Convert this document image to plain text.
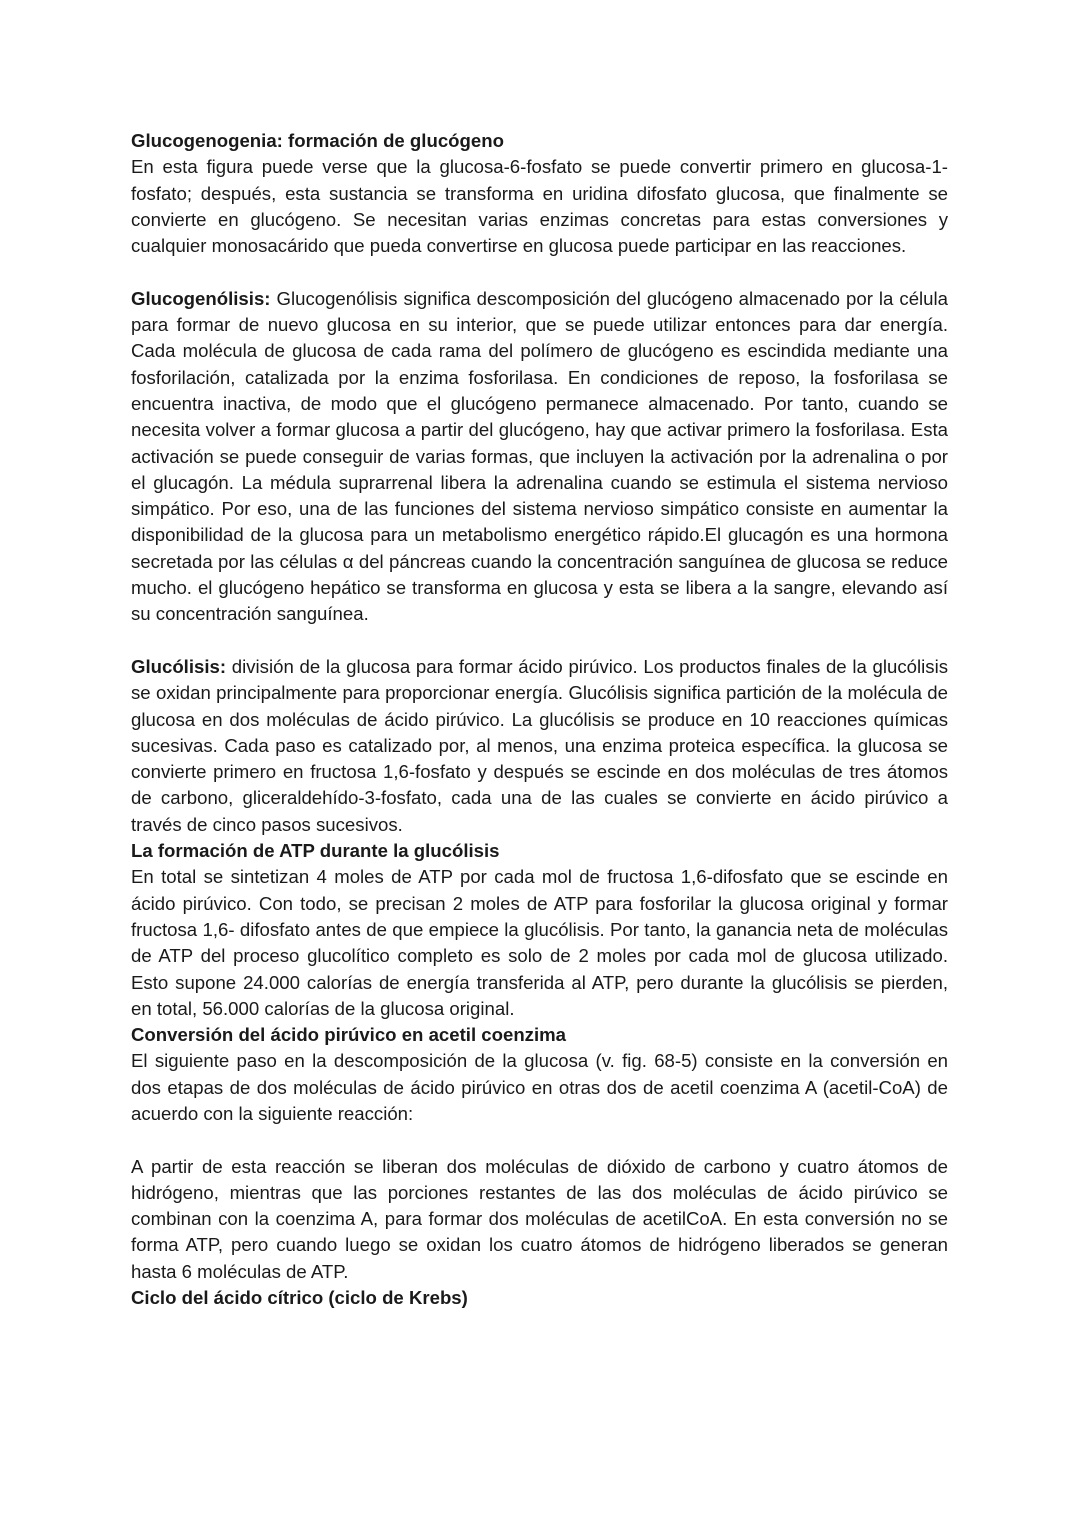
Glucogenogenia: formación de glucógeno

En esta figura puede verse que la glucosa-6-fosfato se puede convertir primero en glucosa-1-fosfato; después, esta sustancia se transforma en uridina difosfato glucosa, que finalmente se convierte en glucógeno. Se necesitan varias enzimas concretas para estas conversiones y cualquier monosacárido que pueda convertirse en glucosa puede participar en las reacciones.

Glucogenólisis: Glucogenólisis significa descomposición del glucógeno almacenado por la célula para formar de nuevo glucosa en su interior, que se puede utilizar entonces para dar energía. Cada molécula de glucosa de cada rama del polímero de glucógeno es escindida mediante una fosforilación, catalizada por la enzima fosforilasa. En condiciones de reposo, la fosforilasa se encuentra inactiva, de modo que el glucógeno permanece almacenado. Por tanto, cuando se necesita volver a formar glucosa a partir del glucógeno, hay que activar primero la fosforilasa. Esta activación se puede conseguir de varias formas, que incluyen la activación por la adrenalina o por el glucagón. La médula suprarrenal libera la adrenalina cuando se estimula el sistema nervioso simpático. Por eso, una de las funciones del sistema nervioso simpático consiste en aumentar la disponibilidad de la glucosa para un metabolismo energético rápido.El glucagón es una hormona secretada por las células α del páncreas cuando la concentración sanguínea de glucosa se reduce mucho. el glucógeno hepático se transforma en glucosa y esta se libera a la sangre, elevando así su concentración sanguínea.

Glucólisis: división de la glucosa para formar ácido pirúvico. Los productos finales de la glucólisis se oxidan principalmente para proporcionar energía. Glucólisis significa partición de la molécula de glucosa en dos moléculas de ácido pirúvico. La glucólisis se produce en 10 reacciones químicas sucesivas. Cada paso es catalizado por, al menos, una enzima proteica específica. la glucosa se convierte primero en fructosa 1,6-fosfato y después se escinde en dos moléculas de tres átomos de carbono, gliceraldehído-3-fosfato, cada una de las cuales se convierte en ácido pirúvico a través de cinco pasos sucesivos.

La formación de ATP durante la glucólisis

En total se sintetizan 4 moles de ATP por cada mol de fructosa 1,6-difosfato que se escinde en ácido pirúvico. Con todo, se precisan 2 moles de ATP para fosforilar la glucosa original y formar fructosa 1,6- difosfato antes de que empiece la glucólisis. Por tanto, la ganancia neta de moléculas de ATP del proceso glucolítico completo es solo de 2 moles por cada mol de glucosa utilizado. Esto supone 24.000 calorías de energía transferida al ATP, pero durante la glucólisis se pierden, en total, 56.000 calorías de la glucosa original.

Conversión del ácido pirúvico en acetil coenzima

El siguiente paso en la descomposición de la glucosa (v. fig. 68-5) consiste en la conversión en dos etapas de dos moléculas de ácido pirúvico en otras dos de acetil coenzima A (acetil-CoA) de acuerdo con la siguiente reacción:

A partir de esta reacción se liberan dos moléculas de dióxido de carbono y cuatro átomos de hidrógeno, mientras que las porciones restantes de las dos moléculas de ácido pirúvico se combinan con la coenzima A, para formar dos moléculas de acetilCoA. En esta conversión no se forma ATP, pero cuando luego se oxidan los cuatro átomos de hidrógeno liberados se generan hasta 6 moléculas de ATP.

Ciclo del ácido cítrico (ciclo de Krebs)
